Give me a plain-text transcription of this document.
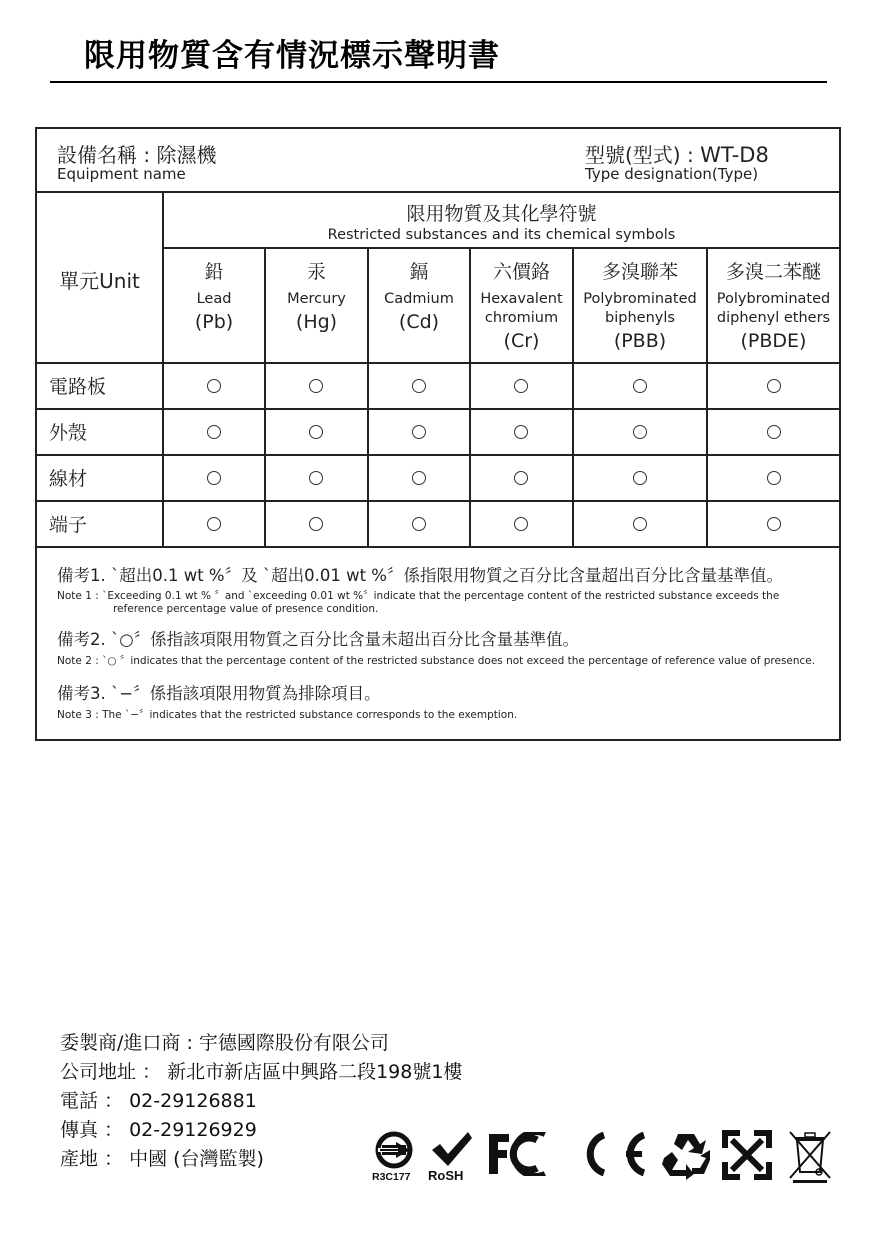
限用物質含有情況標示聲明書
設備名稱 : 除濕機
Equipment name
型號(型式) : WT-D8
Type designation(Type)
單元Unit
限用物質及其化學符號
Restricted substances and its chemical symbols
鉛
Lead
(Pb)
汞
Mercury
(Hg)
鎘
Cadmium
(Cd)
六價鉻
Hexavalent
chromium
(Cr)
多溴聯苯
Polybrominated
biphenyls
(PBB)
多溴二苯醚
Polybrominated
diphenyl ethers
(PBDE)
電路板
外殼
線材
端子
備考1. ˋ超出0.1 wt %〞及 ˋ超出0.01 wt %〞係指限用物質之百分比含量超出百分比含量基準值。
Note 1 : ˋExceeding 0.1 wt % 〞and ˋexceeding 0.01 wt %〞indicate that the percentage content of the restricted substance exceeds the
reference percentage value of presence condition.
備考2. ˋ○〞係指該項限用物質之百分比含量未超出百分比含量基準值。
Note 2 : ˋ○ 〞indicates that the percentage content of the restricted substance does not exceed the percentage of reference value of presence.
備考3. ˋ−〞係指該項限用物質為排除項目。
Note 3 : The ˋ−〞indicates that the restricted substance corresponds to the exemption.
委製商/進口商 : 宇德國際股份有限公司
公司地址 ： 新北市新店區中興路二段198號1樓
電話 ： 02-29126881
傳真 ： 02-29126929
產地 ： 中國 (台灣監製)
R3C177 RoSH
